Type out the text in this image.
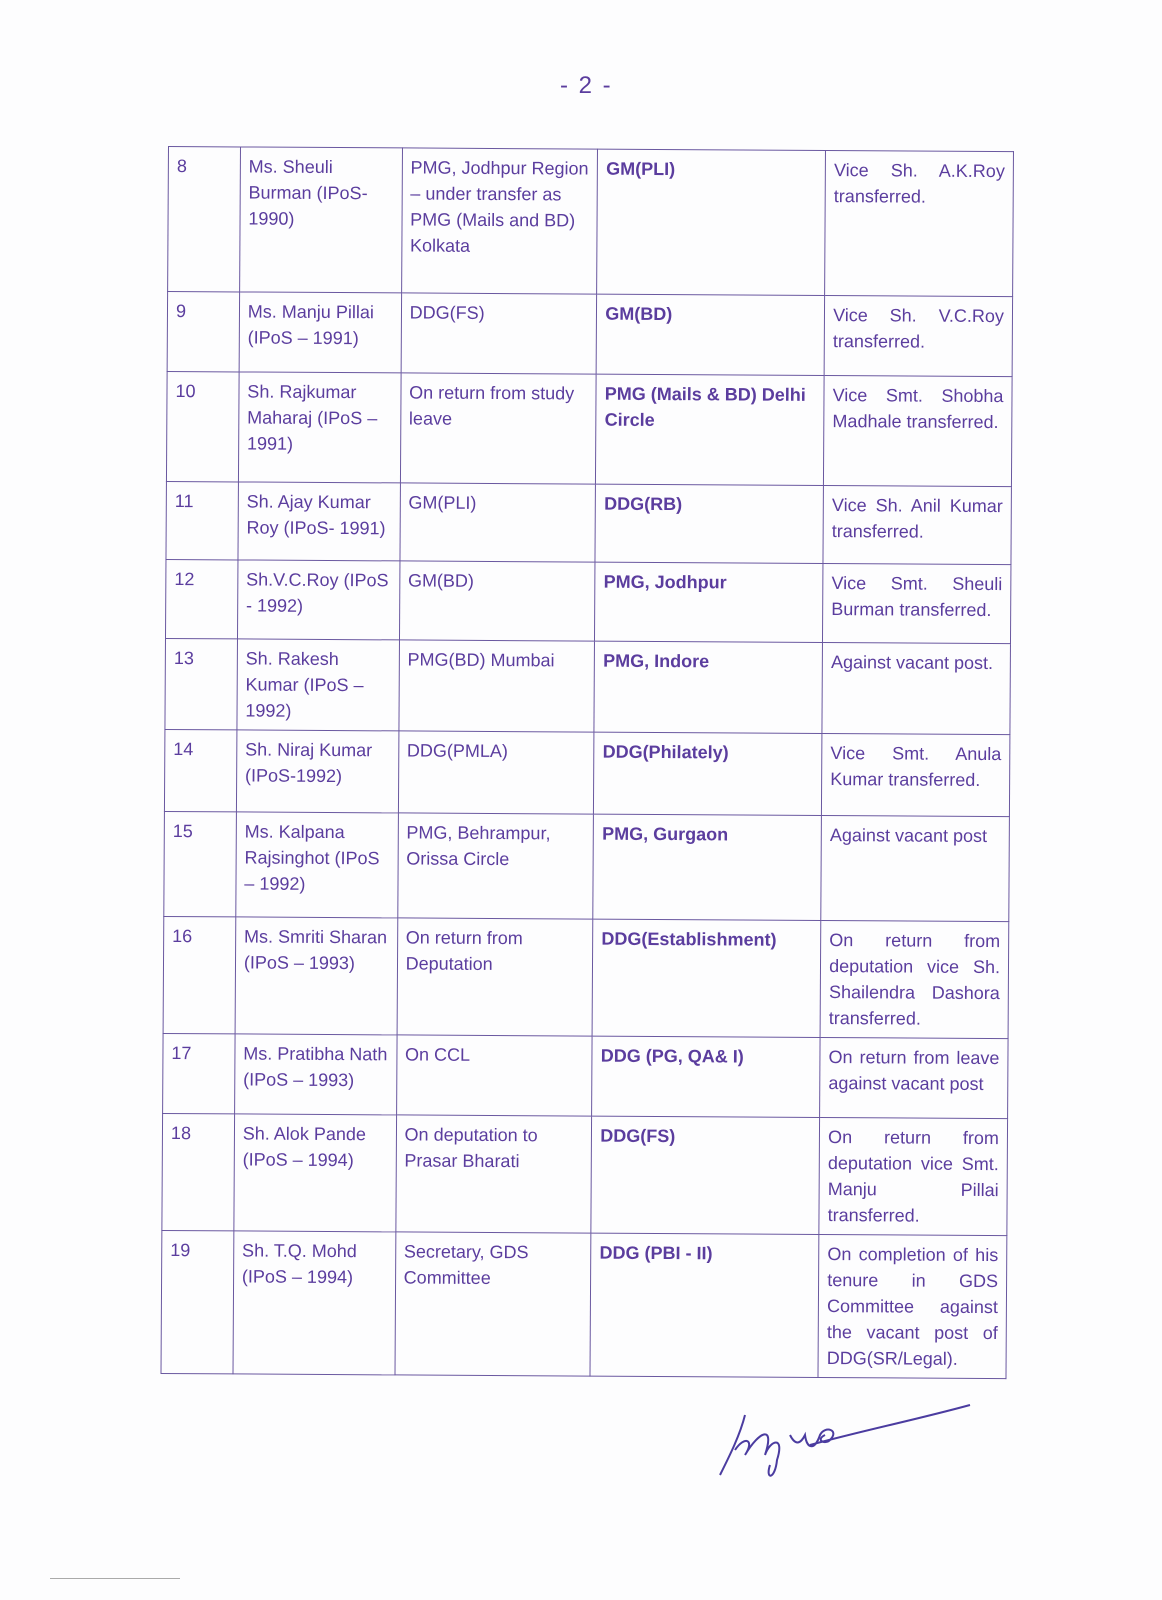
- 2 -
8	Ms. Sheuli Burman (IPoS-1990)	PMG, Jodhpur Region – under transfer as PMG (Mails and BD) Kolkata	GM(PLI)	Vice Sh. A.K.Roy transferred.
9	Ms. Manju Pillai (IPoS – 1991)	DDG(FS)	GM(BD)	Vice Sh. V.C.Roy transferred.
10	Sh. Rajkumar Maharaj (IPoS – 1991)	On return from study leave	PMG (Mails & BD) Delhi Circle	Vice Smt. Shobha Madhale transferred.
11	Sh. Ajay Kumar Roy (IPoS- 1991)	GM(PLI)	DDG(RB)	Vice Sh. Anil Kumar transferred.
12	Sh.V.C.Roy (IPoS - 1992)	GM(BD)	PMG, Jodhpur	Vice Smt. Sheuli Burman transferred.
13	Sh. Rakesh Kumar (IPoS – 1992)	PMG(BD) Mumbai	PMG, Indore	Against vacant post.
14	Sh. Niraj Kumar (IPoS-1992)	DDG(PMLA)	DDG(Philately)	Vice Smt. Anula Kumar transferred.
15	Ms. Kalpana Rajsinghot (IPoS – 1992)	PMG, Behrampur, Orissa Circle	PMG, Gurgaon	Against vacant post
16	Ms. Smriti Sharan (IPoS – 1993)	On return from Deputation	DDG(Establishment)	On return from deputation vice Sh. Shailendra Dashora transferred.
17	Ms. Pratibha Nath (IPoS – 1993)	On CCL	DDG (PG, QA& I)	On return from leave against vacant post
18	Sh. Alok Pande (IPoS – 1994)	On deputation to Prasar Bharati	DDG(FS)	On return from deputation vice Smt. Manju Pillai transferred.
19	Sh. T.Q. Mohd (IPoS – 1994)	Secretary, GDS Committee	DDG (PBI - II)	On completion of his tenure in GDS Committee against the vacant post of DDG(SR/Legal).
